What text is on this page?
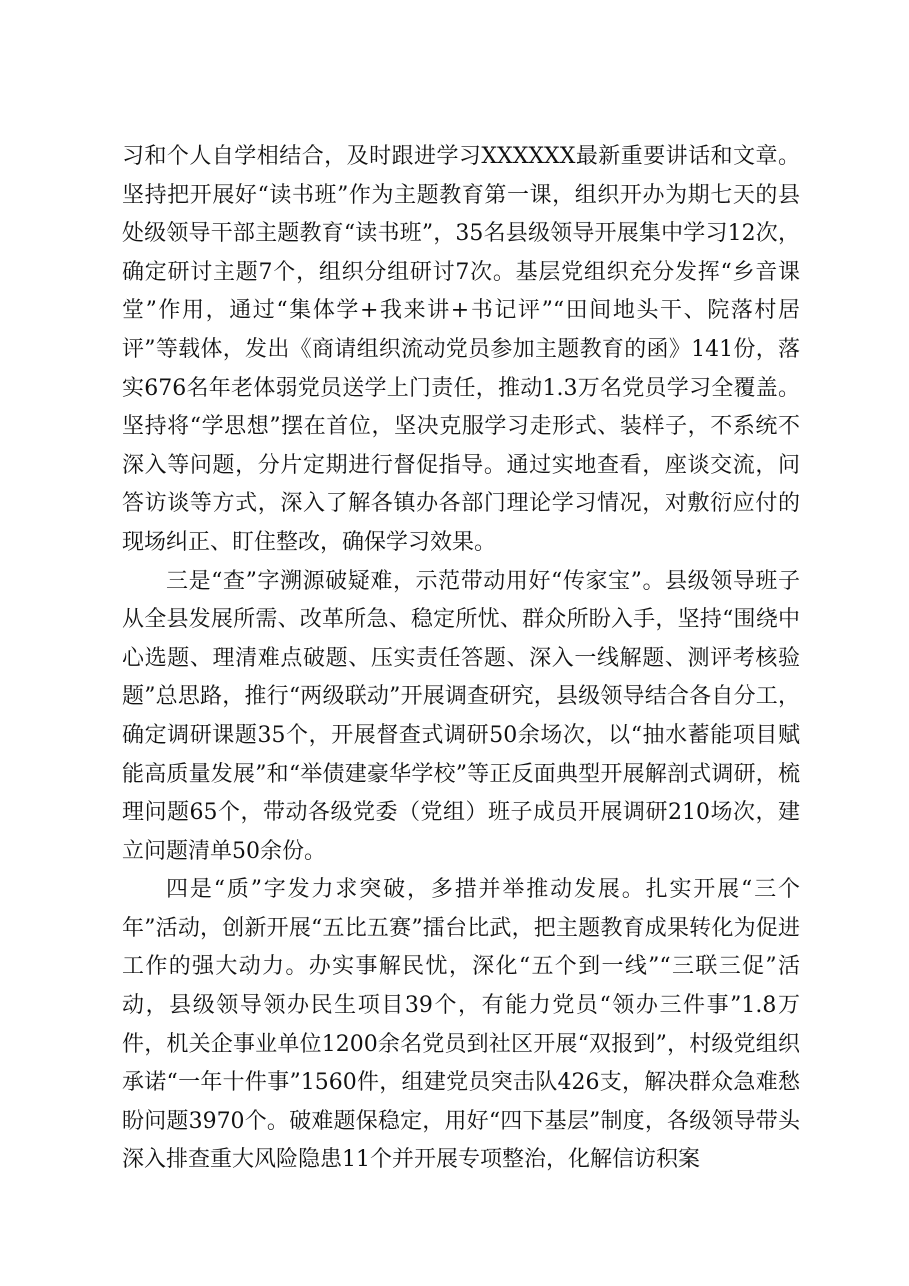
习和个人自学相结合，及时跟进学习XXXXXX最新重要讲话和文章。坚持把开展好“读书班”作为主题教育第一课，组织开办为期七天的县处级领导干部主题教育“读书班”，35名县级领导开展集中学习12次，确定研讨主题7个，组织分组研讨7次。基层党组织充分发挥“乡音课堂”作用，通过“集体学+我来讲+书记评”“田间地头干、院落村居评”等载体，发出《商请组织流动党员参加主题教育的函》141份，落实676名年老体弱党员送学上门责任，推动1.3万名党员学习全覆盖。坚持将“学思想”摆在首位，坚决克服学习走形式、装样子，不系统不深入等问题，分片定期进行督促指导。通过实地查看，座谈交流，问答访谈等方式，深入了解各镇办各部门理论学习情况，对敷衍应付的现场纠正、盯住整改，确保学习效果。

三是“查”字溯源破疑难，示范带动用好“传家宝”。县级领导班子从全县发展所需、改革所急、稳定所忧、群众所盼入手，坚持“围绕中心选题、理清难点破题、压实责任答题、深入一线解题、测评考核验题”总思路，推行“两级联动”开展调查研究，县级领导结合各自分工，确定调研课题35个，开展督查式调研50余场次，以“抽水蓄能项目赋能高质量发展”和“举债建豪华学校”等正反面典型开展解剖式调研，梳理问题65个，带动各级党委（党组）班子成员开展调研210场次，建立问题清单50余份。

四是“质”字发力求突破，多措并举推动发展。扎实开展“三个年”活动，创新开展“五比五赛”擂台比武，把主题教育成果转化为促进工作的强大动力。办实事解民忧，深化“五个到一线”“三联三促”活动，县级领导领办民生项目39个，有能力党员“领办三件事”1.8万件，机关企事业单位1200余名党员到社区开展“双报到”，村级党组织承诺“一年十件事”1560件，组建党员突击队426支，解决群众急难愁盼问题3970个。破难题保稳定，用好“四下基层”制度，各级领导带头深入排查重大风险隐患11个并开展专项整治，化解信访积案
